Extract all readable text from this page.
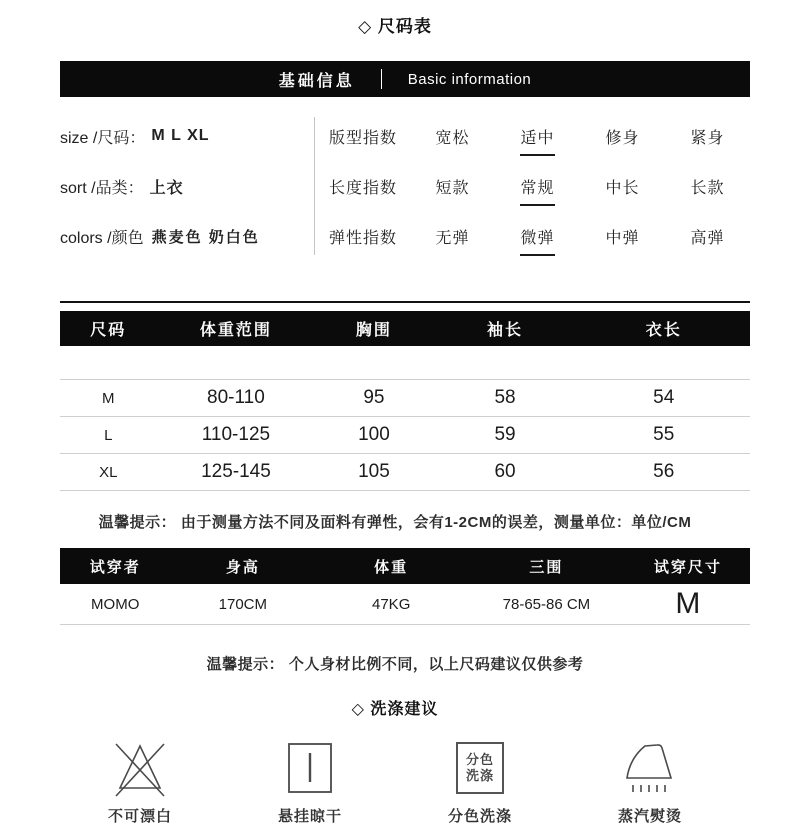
◇ 尺码表
基础信息	Basic information
size /尺码： M L XL
sort /品类： 上衣
colors /颜色 燕麦色 奶白色
版型指数	宽松	适中	修身	紧身
长度指数	短款	常规	中长	长款
弹性指数	无弹	微弹	中弹	高弹
尺码	体重范围	胸围	袖长	衣长
M	80-110	95	58	54
L	110-125	100	59	55
XL	125-145	105	60	56
温馨提示： 由于测量方法不同及面料有弹性，会有1-2CM的误差，测量单位：单位/CM
试穿者	身高	体重	三围	试穿尺寸
MOMO	170CM	47KG	78-65-86 CM	M
温馨提示： 个人身材比例不同，以上尺码建议仅供参考
◇ 洗涤建议
不可漂白	悬挂晾干
分色
洗涤
分色洗涤	蒸汽熨烫
